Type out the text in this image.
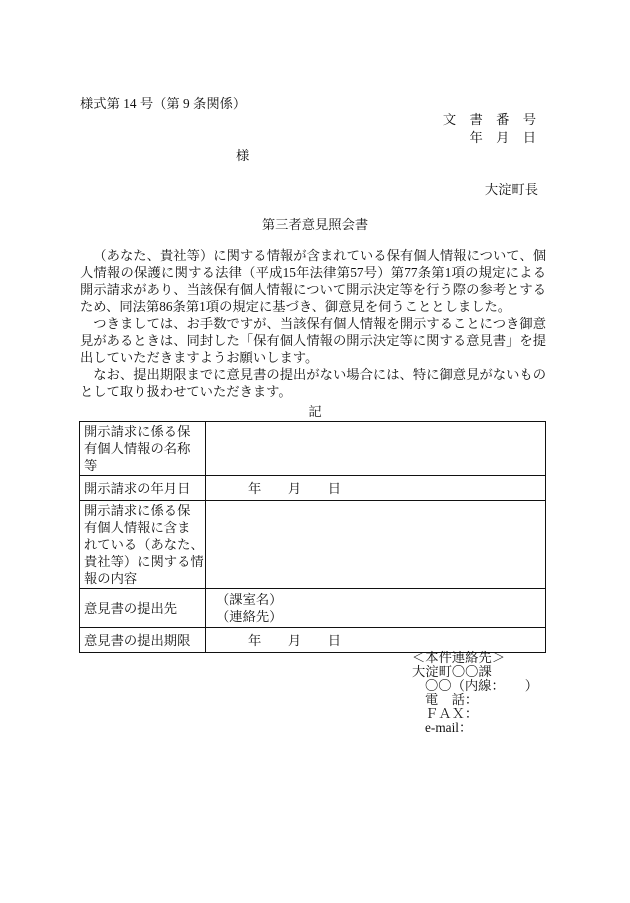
様式第 14 号（第 9 条関係）
文　書　番　号
年　月　日
様
大淀町長
第三者意見照会書

（あなた、貴社等）に関する情報が含まれている保有個人情報について、個人情報の保護に関する法律（平成15年法律第57号）第77条第1項の規定による開示請求があり、当該保有個人情報について開示決定等を行う際の参考とするため、同法第86条第1項の規定に基づき、御意見を伺うこととしました。

つきましては、お手数ですが、当該保有個人情報を開示することにつき御意見があるときは、同封した「保有個人情報の開示決定等に関する意見書」を提出していただきますようお願いします。

なお、提出期限までに意見書の提出がない場合には、特に御意見がないものとして取り扱わせていただきます。

記
開示請求に係る保
有個人情報の名称
等	

開示請求の年月日	年　　月　　日

開示請求に係る保
有個人情報に含ま
れている（あなた、
貴社等）に関する情
報の内容	

意見書の提出先	（課室名）
（連絡先）

意見書の提出期限	年　　月　　日
＜本件連絡先＞
大淀町〇〇課
〇〇（内線：　　）
電　話：
ＦＡＸ：
e-mail：
